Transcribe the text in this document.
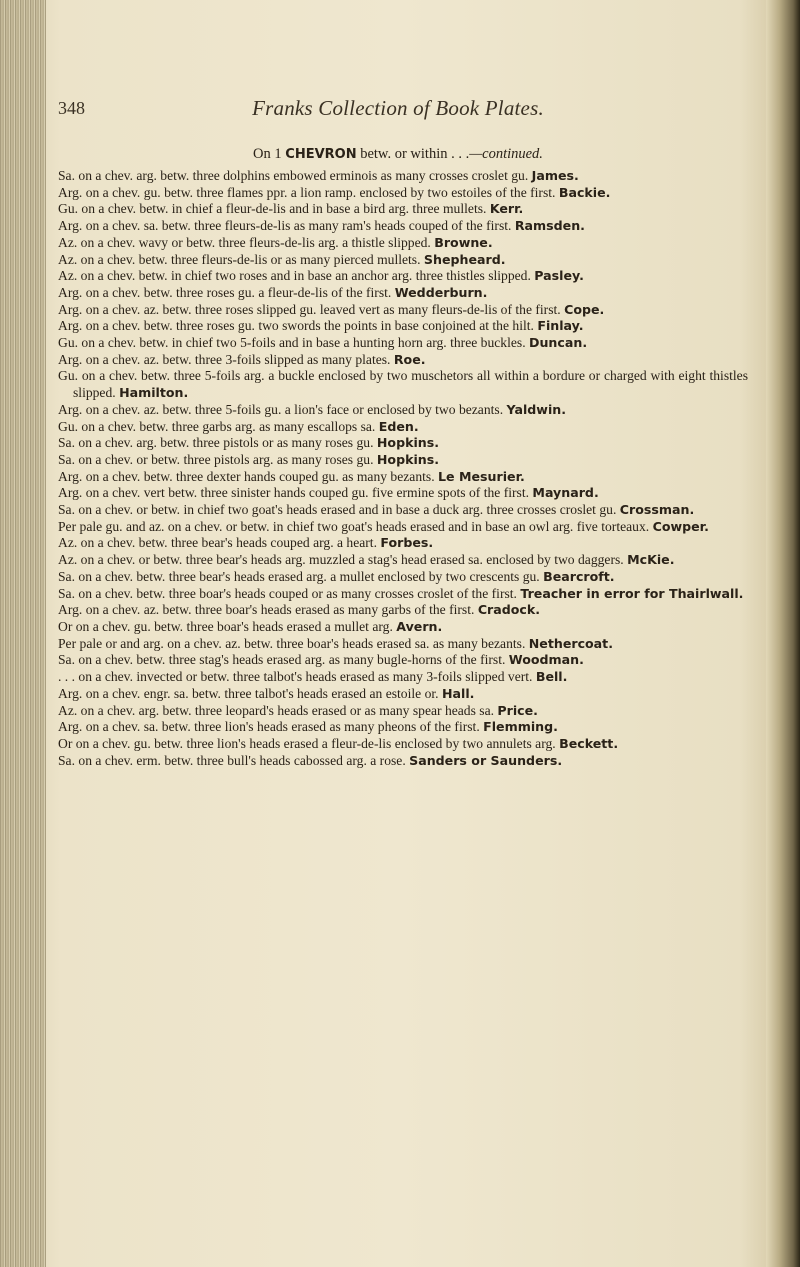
348	Franks Collection of Book Plates.
On 1 CHEVRON betw. or within . . .—continued.

Sa. on a chev. arg. betw. three dolphins embowed erminois as many crosses croslet gu. James.

Arg. on a chev. gu. betw. three flames ppr. a lion ramp. enclosed by two estoiles of the first. Backie.

Gu. on a chev. betw. in chief a fleur-de-lis and in base a bird arg. three mullets. Kerr.

Arg. on a chev. sa. betw. three fleurs-de-lis as many ram's heads couped of the first. Ramsden.

Az. on a chev. wavy or betw. three fleurs-de-lis arg. a thistle slipped. Browne.

Az. on a chev. betw. three fleurs-de-lis or as many pierced mullets. Shepheard.

Az. on a chev. betw. in chief two roses and in base an anchor arg. three thistles slipped. Pasley.

Arg. on a chev. betw. three roses gu. a fleur-de-lis of the first. Wedderburn.

Arg. on a chev. az. betw. three roses slipped gu. leaved vert as many fleurs-de-lis of the first. Cope.

Arg. on a chev. betw. three roses gu. two swords the points in base conjoined at the hilt. Finlay.

Gu. on a chev. betw. in chief two 5-foils and in base a hunting horn arg. three buckles. Duncan.

Arg. on a chev. az. betw. three 3-foils slipped as many plates. Roe.

Gu. on a chev. betw. three 5-foils arg. a buckle enclosed by two muschetors all within a bordure or charged with eight thistles slipped. Hamilton.

Arg. on a chev. az. betw. three 5-foils gu. a lion's face or enclosed by two bezants. Yaldwin.

Gu. on a chev. betw. three garbs arg. as many escallops sa. Eden.

Sa. on a chev. arg. betw. three pistols or as many roses gu. Hopkins.

Sa. on a chev. or betw. three pistols arg. as many roses gu. Hopkins.

Arg. on a chev. betw. three dexter hands couped gu. as many bezants. Le Mesurier.

Arg. on a chev. vert betw. three sinister hands couped gu. five ermine spots of the first. Maynard.

Sa. on a chev. or betw. in chief two goat's heads erased and in base a duck arg. three crosses croslet gu. Crossman.

Per pale gu. and az. on a chev. or betw. in chief two goat's heads erased and in base an owl arg. five torteaux. Cowper.

Az. on a chev. betw. three bear's heads couped arg. a heart. Forbes.

Az. on a chev. or betw. three bear's heads arg. muzzled a stag's head erased sa. enclosed by two daggers. McKie.

Sa. on a chev. betw. three bear's heads erased arg. a mullet enclosed by two crescents gu. Bearcroft.

Sa. on a chev. betw. three boar's heads couped or as many crosses croslet of the first. Treacher in error for Thairlwall.

Arg. on a chev. az. betw. three boar's heads erased as many garbs of the first. Cradock.

Or on a chev. gu. betw. three boar's heads erased a mullet arg. Avern.

Per pale or and arg. on a chev. az. betw. three boar's heads erased sa. as many bezants. Nethercoat.

Sa. on a chev. betw. three stag's heads erased arg. as many bugle-horns of the first. Woodman.

. . . on a chev. invected or betw. three talbot's heads erased as many 3-foils slipped vert. Bell.

Arg. on a chev. engr. sa. betw. three talbot's heads erased an estoile or. Hall.

Az. on a chev. arg. betw. three leopard's heads erased or as many spear heads sa. Price.

Arg. on a chev. sa. betw. three lion's heads erased as many pheons of the first. Flemming.

Or on a chev. gu. betw. three lion's heads erased a fleur-de-lis enclosed by two annulets arg. Beckett.

Sa. on a chev. erm. betw. three bull's heads cabossed arg. a rose. Sanders or Saunders.
